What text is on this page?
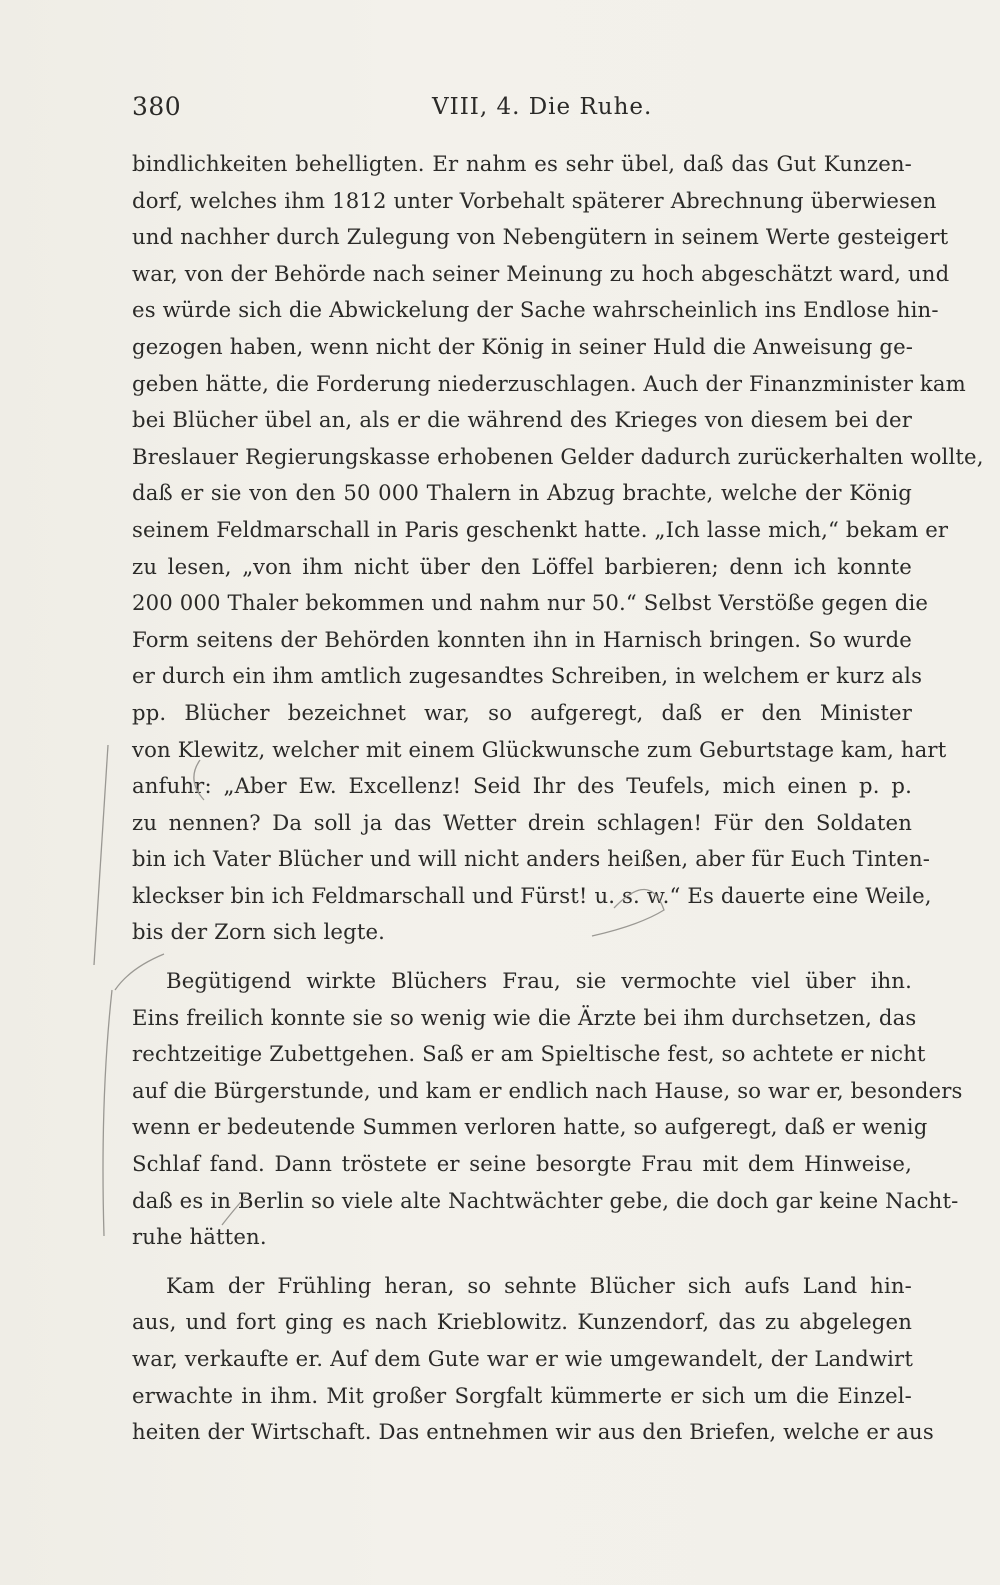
380	VIII, 4. Die Ruhe.
bindlichkeiten behelligten. Er nahm es sehr übel, daß das Gut Kunzen-
dorf, welches ihm 1812 unter Vorbehalt späterer Abrechnung überwiesen
und nachher durch Zulegung von Nebengütern in seinem Werte gesteigert
war, von der Behörde nach seiner Meinung zu hoch abgeschätzt ward, und
es würde sich die Abwickelung der Sache wahrscheinlich ins Endlose hin-
gezogen haben, wenn nicht der König in seiner Huld die Anweisung ge-
geben hätte, die Forderung niederzuschlagen. Auch der Finanzminister kam
bei Blücher übel an, als er die während des Krieges von diesem bei der
Breslauer Regierungskasse erhobenen Gelder dadurch zurückerhalten wollte,
daß er sie von den 50 000 Thalern in Abzug brachte, welche der König
seinem Feldmarschall in Paris geschenkt hatte. „Ich lasse mich,“ bekam er
zu lesen, „von ihm nicht über den Löffel barbieren; denn ich konnte
200 000 Thaler bekommen und nahm nur 50.“ Selbst Verstöße gegen die
Form seitens der Behörden konnten ihn in Harnisch bringen. So wurde
er durch ein ihm amtlich zugesandtes Schreiben, in welchem er kurz als
pp. Blücher bezeichnet war, so aufgeregt, daß er den Minister
von Klewitz, welcher mit einem Glückwunsche zum Geburtstage kam, hart
anfuhr: „Aber Ew. Excellenz! Seid Ihr des Teufels, mich einen p. p.
zu nennen? Da soll ja das Wetter drein schlagen! Für den Soldaten
bin ich Vater Blücher und will nicht anders heißen, aber für Euch Tinten-
kleckser bin ich Feldmarschall und Fürst! u. s. w.“ Es dauerte eine Weile,
bis der Zorn sich legte.
Begütigend wirkte Blüchers Frau, sie vermochte viel über ihn.
Eins freilich konnte sie so wenig wie die Ärzte bei ihm durchsetzen, das
rechtzeitige Zubettgehen. Saß er am Spieltische fest, so achtete er nicht
auf die Bürgerstunde, und kam er endlich nach Hause, so war er, besonders
wenn er bedeutende Summen verloren hatte, so aufgeregt, daß er wenig
Schlaf fand. Dann tröstete er seine besorgte Frau mit dem Hinweise,
daß es in Berlin so viele alte Nachtwächter gebe, die doch gar keine Nacht-
ruhe hätten.
Kam der Frühling heran, so sehnte Blücher sich aufs Land hin-
aus, und fort ging es nach Krieblowitz. Kunzendorf, das zu abgelegen
war, verkaufte er. Auf dem Gute war er wie umgewandelt, der Landwirt
erwachte in ihm. Mit großer Sorgfalt kümmerte er sich um die Einzel-
heiten der Wirtschaft. Das entnehmen wir aus den Briefen, welche er aus
